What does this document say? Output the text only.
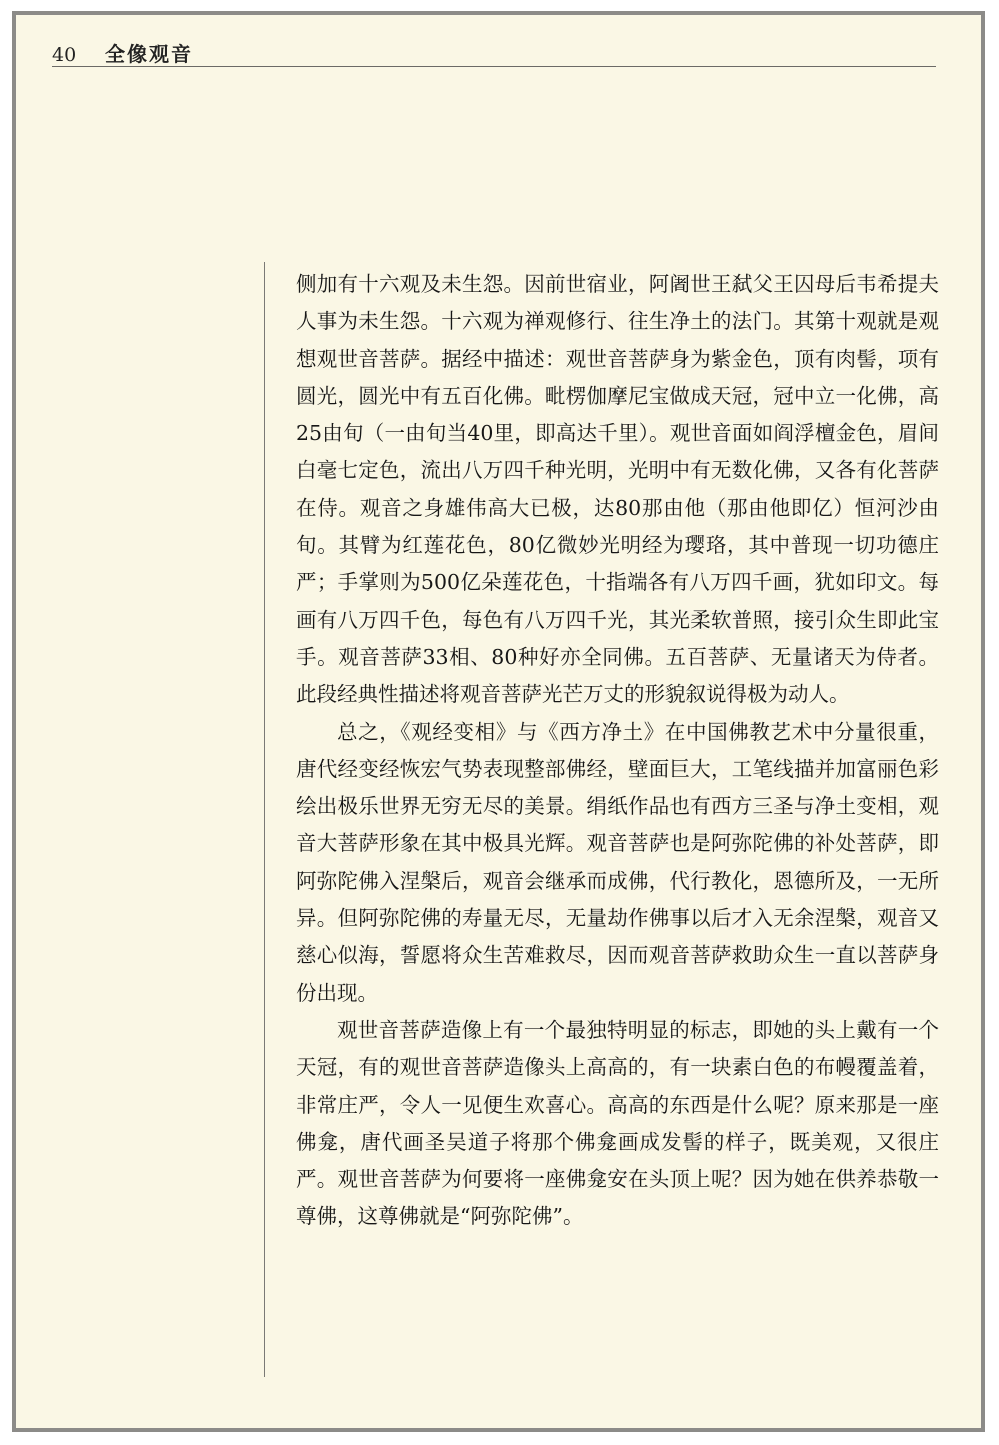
40	全像观音

侧加有十六观及未生怨。因前世宿业，阿阇世王弑父王囚母后韦希提夫人事为未生怨。十六观为禅观修行、往生净土的法门。其第十观就是观想观世音菩萨。据经中描述：观世音菩萨身为紫金色，顶有肉髻，项有圆光，圆光中有五百化佛。毗楞伽摩尼宝做成天冠，冠中立一化佛，高25由旬（一由旬当40里，即高达千里）。观世音面如阎浮檀金色，眉间白毫七定色，流出八万四千种光明，光明中有无数化佛，又各有化菩萨在侍。观音之身雄伟高大已极，达80那由他（那由他即亿）恒河沙由旬。其臂为红莲花色，80亿微妙光明经为璎珞，其中普现一切功德庄严；手掌则为500亿朵莲花色，十指端各有八万四千画，犹如印文。每画有八万四千色，每色有八万四千光，其光柔软普照，接引众生即此宝手。观音菩萨33相、80种好亦全同佛。五百菩萨、无量诸天为侍者。此段经典性描述将观音菩萨光芒万丈的形貌叙说得极为动人。

总之，《观经变相》与《西方净土》在中国佛教艺术中分量很重，唐代经变经恢宏气势表现整部佛经，壁面巨大，工笔线描并加富丽色彩绘出极乐世界无穷无尽的美景。绢纸作品也有西方三圣与净土变相，观音大菩萨形象在其中极具光辉。观音菩萨也是阿弥陀佛的补处菩萨，即阿弥陀佛入涅槃后，观音会继承而成佛，代行教化，恩德所及，一无所异。但阿弥陀佛的寿量无尽，无量劫作佛事以后才入无余涅槃，观音又慈心似海，誓愿将众生苦难救尽，因而观音菩萨救助众生一直以菩萨身份出现。

观世音菩萨造像上有一个最独特明显的标志，即她的头上戴有一个天冠，有的观世音菩萨造像头上高高的，有一块素白色的布幔覆盖着，非常庄严，令人一见便生欢喜心。高高的东西是什么呢？原来那是一座佛龛，唐代画圣吴道子将那个佛龛画成发髻的样子，既美观，又很庄严。观世音菩萨为何要将一座佛龛安在头顶上呢？因为她在供养恭敬一尊佛，这尊佛就是“阿弥陀佛”。
